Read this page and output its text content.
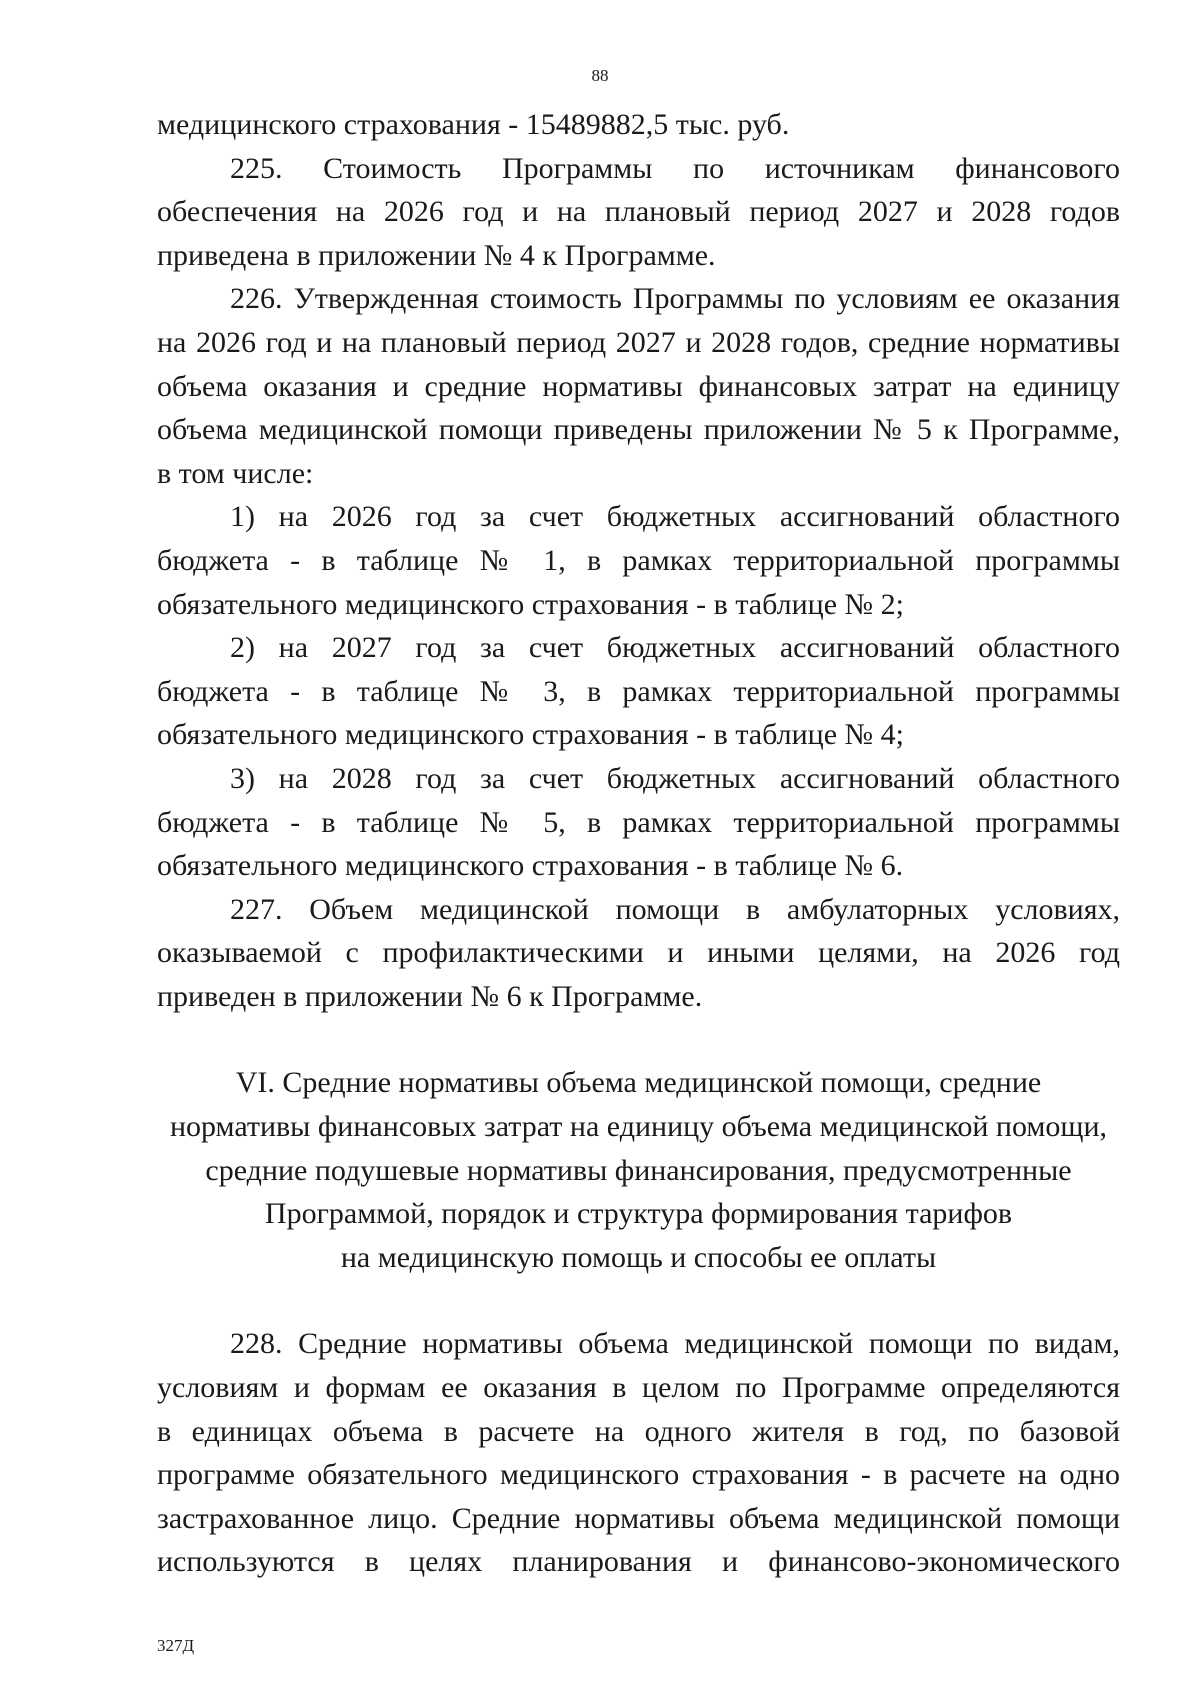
88
медицинского страхования - 15489882,5 тыс. руб.
225. Стоимость Программы по источникам финансового
обеспечения на 2026 год и на плановый период 2027 и 2028 годов
приведена в приложении № 4 к Программе.
226. Утвержденная стоимость Программы по условиям ее оказания
на 2026 год и на плановый период 2027 и 2028 годов, средние нормативы
объема оказания и средние нормативы финансовых затрат на единицу
объема медицинской помощи приведены приложении № 5 к Программе,
в том числе:
1) на 2026 год за счет бюджетных ассигнований областного
бюджета - в таблице № 1, в рамках территориальной программы
обязательного медицинского страхования - в таблице № 2;
2) на 2027 год за счет бюджетных ассигнований областного
бюджета - в таблице № 3, в рамках территориальной программы
обязательного медицинского страхования - в таблице № 4;
3) на 2028 год за счет бюджетных ассигнований областного
бюджета - в таблице № 5, в рамках территориальной программы
обязательного медицинского страхования - в таблице № 6.
227. Объем медицинской помощи в амбулаторных условиях,
оказываемой с профилактическими и иными целями, на 2026 год
приведен в приложении № 6 к Программе.
VI. Средние нормативы объема медицинской помощи, средние
нормативы финансовых затрат на единицу объема медицинской помощи,
средние подушевые нормативы финансирования, предусмотренные
Программой, порядок и структура формирования тарифов
на медицинскую помощь и способы ее оплаты
228. Средние нормативы объема медицинской помощи по видам,
условиям и формам ее оказания в целом по Программе определяются
в единицах объема в расчете на одного жителя в год, по базовой
программе обязательного медицинского страхования - в расчете на одно
застрахованное лицо. Средние нормативы объема медицинской помощи
используются в целях планирования и финансово-экономического
327Д
